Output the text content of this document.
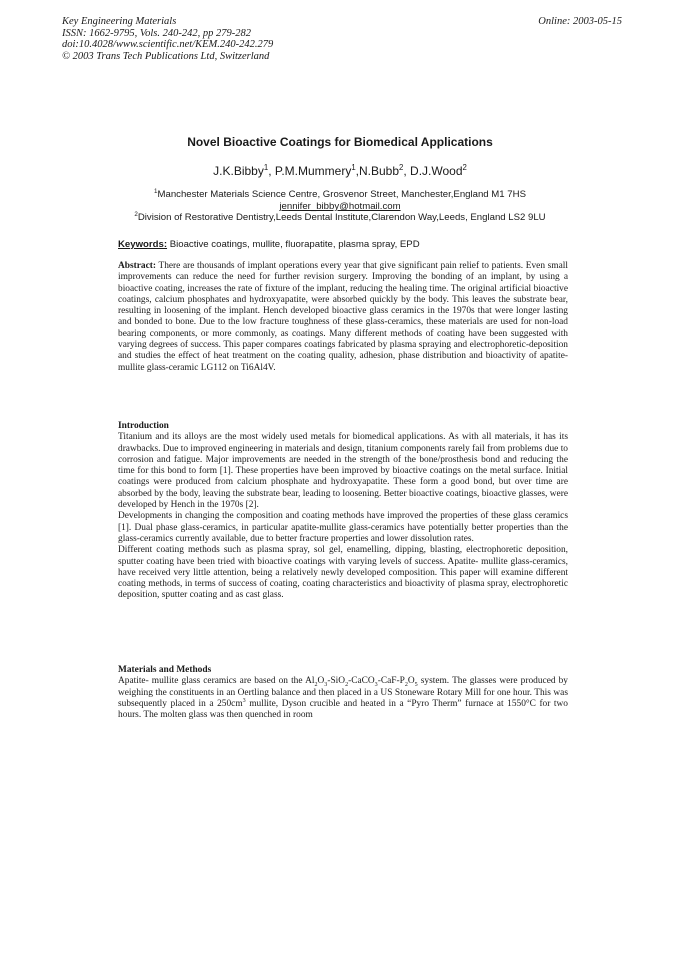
Key Engineering Materials
ISSN: 1662-9795, Vols. 240-242, pp 279-282
doi:10.4028/www.scientific.net/KEM.240-242.279
© 2003 Trans Tech Publications Ltd, Switzerland
Online: 2003-05-15
Novel Bioactive Coatings for Biomedical Applications
J.K.Bibby$^1$, P.M.Mummery$^1$,N.Bubb$^2$, D.J.Wood$^2$
$^1$Manchester Materials Science Centre, Grosvenor Street, Manchester,England M1 7HS
jennifer_bibby@hotmail.com
$^2$Division of Restorative Dentistry,Leeds Dental Institute,Clarendon Way,Leeds, England LS2 9LU
Keywords: Bioactive coatings, mullite, fluorapatite, plasma spray, EPD

Abstract: There are thousands of implant operations every year that give significant pain relief to patients. Even small improvements can reduce the need for further revision surgery. Improving the bonding of an implant, by using a bioactive coating, increases the rate of fixture of the implant, reducing the healing time. The original artificial bioactive coatings, calcium phosphates and hydroxyapatite, were absorbed quickly by the body. This leaves the substrate bear, resulting in loosening of the implant. Hench developed bioactive glass ceramics in the 1970s that were longer lasting and bonded to bone. Due to the low fracture toughness of these glass-ceramics, these materials are used for non-load bearing components, or more commonly, as coatings. Many different methods of coating have been suggested with varying degrees of success. This paper compares coatings fabricated by plasma spraying and electrophoretic-deposition and studies the effect of heat treatment on the coating quality, adhesion, phase distribution and bioactivity of apatite-mullite glass-ceramic LG112 on Ti6Al4V.

Introduction

Titanium and its alloys are the most widely used metals for biomedical applications. As with all materials, it has its drawbacks. Due to improved engineering in materials and design, titanium components rarely fail from problems due to corrosion and fatigue. Major improvements are needed in the strength of the bone/prosthesis bond and reducing the time for this bond to form [1]. These properties have been improved by bioactive coatings on the metal surface. Initial coatings were produced from calcium phosphate and hydroxyapatite. These form a good bond, but over time are absorbed by the body, leaving the substrate bear, leading to loosening. Better bioactive coatings, bioactive glasses, were developed by Hench in the 1970s [2].

Developments in changing the composition and coating methods have improved the properties of these glass ceramics [1]. Dual phase glass-ceramics, in particular apatite-mullite glass-ceramics have potentially better properties than the glass-ceramics currently available, due to better fracture properties and lower dissolution rates.

Different coating methods such as plasma spray, sol gel, enamelling, dipping, blasting, electrophoretic deposition, sputter coating have been tried with bioactive coatings with varying levels of success. Apatite- mullite glass-ceramics, have received very little attention, being a relatively newly developed composition. This paper will examine different coating methods, in terms of success of coating, coating characteristics and bioactivity of plasma spray, electrophoretic deposition, sputter coating and as cast glass.

Materials and Methods

Apatite- mullite glass ceramics are based on the $Al_2O_3-SiO_2-CaCO_3-CaF-P_2O_5$ system. The glasses were produced by weighing the constituents in an Oertling balance and then placed in a US Stoneware Rotary Mill for one hour. This was subsequently placed in a $250cm^3$ mullite, Dyson crucible and heated in a “Pyro Therm” furnace at 1550°C for two hours. The molten glass was then quenched in room
